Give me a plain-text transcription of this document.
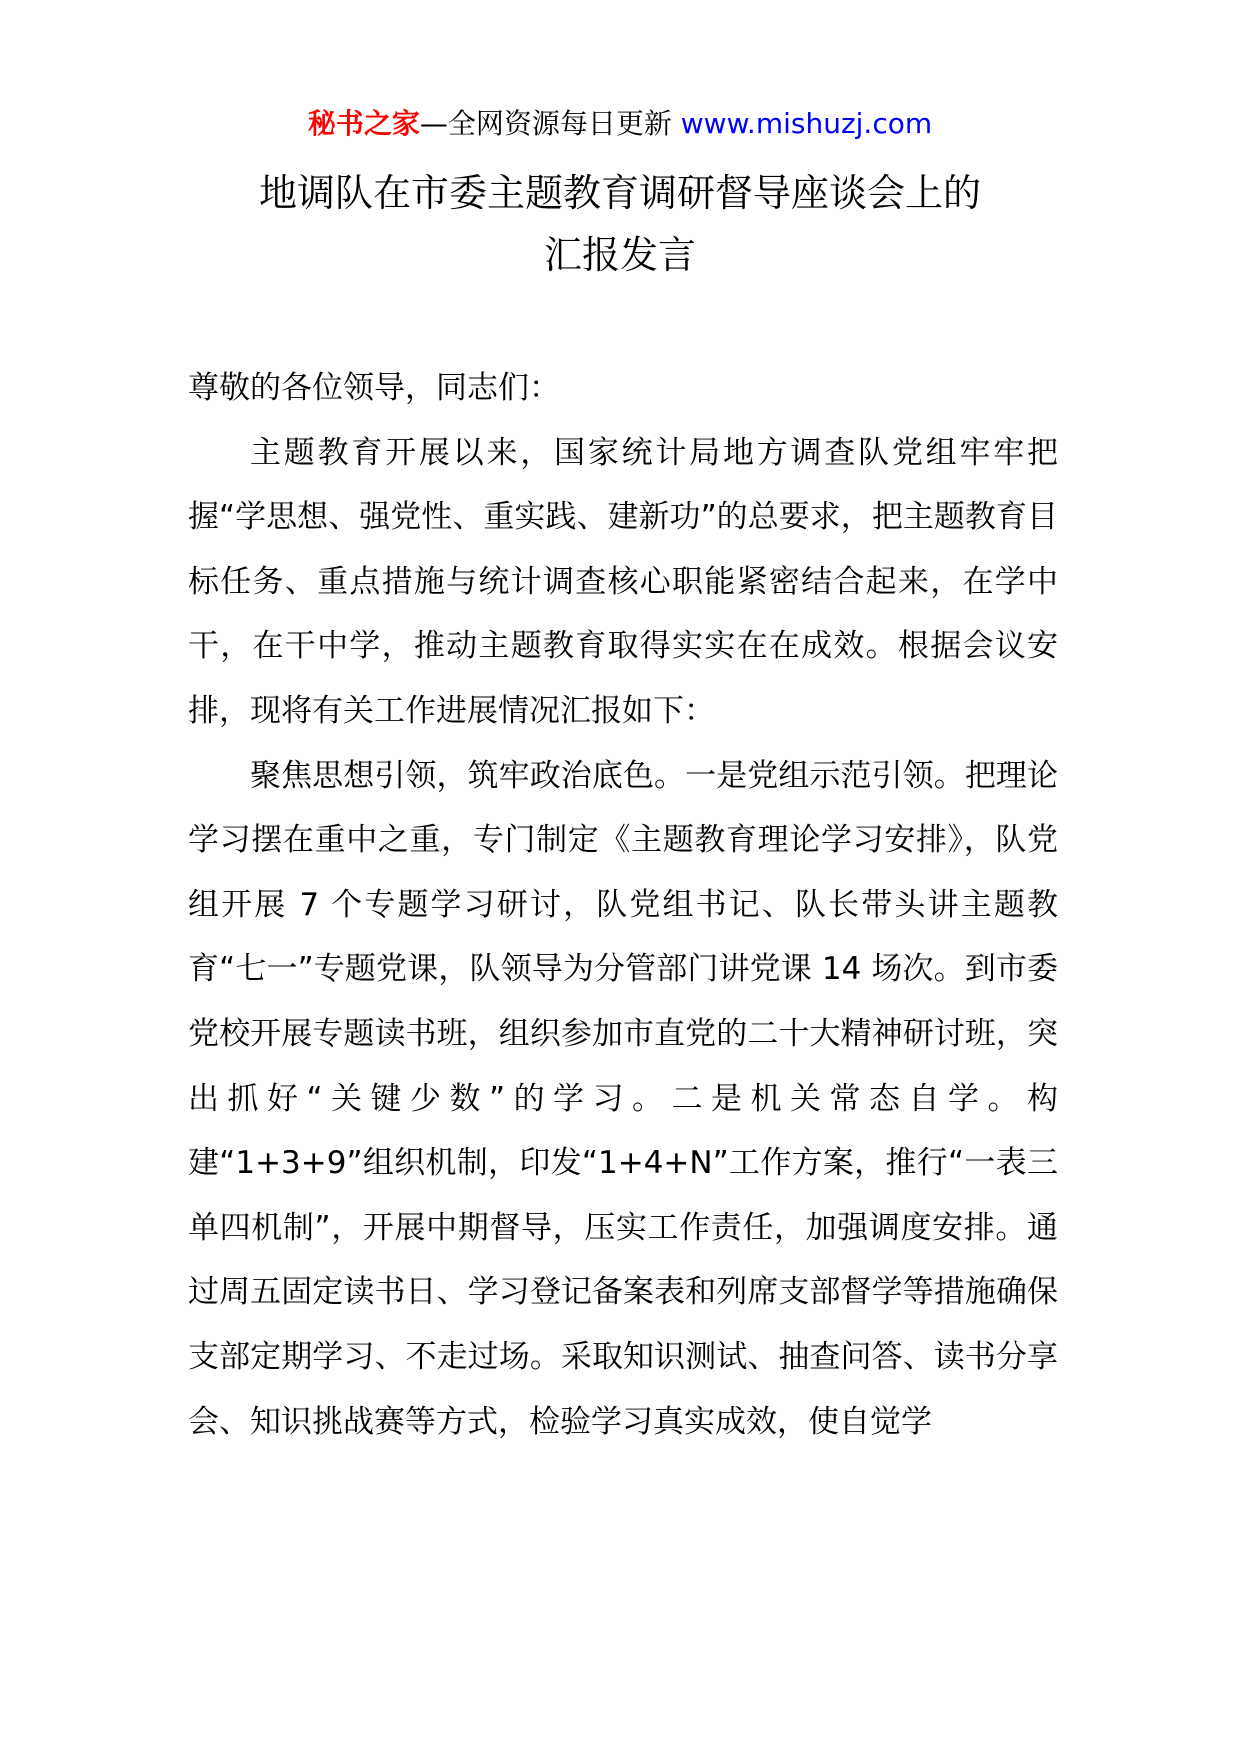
秘书之家—全网资源每日更新 www.mishuzj.com
地调队在市委主题教育调研督导座谈会上的
汇报发言

尊敬的各位领导，同志们：

主题教育开展以来，国家统计局地方调查队党组牢牢把握“学思想、强党性、重实践、建新功”的总要求，把主题教育目标任务、重点措施与统计调查核心职能紧密结合起来，在学中干，在干中学，推动主题教育取得实实在在成效。根据会议安排，现将有关工作进展情况汇报如下：

聚焦思想引领，筑牢政治底色。一是党组示范引领。把理论学习摆在重中之重，专门制定《主题教育理论学习安排》，队党组开展 7 个专题学习研讨，队党组书记、队长带头讲主题教育“七一”专题党课，队领导为分管部门讲党课 14 场次。到市委党校开展专题读书班，组织参加市直党的二十大精神研讨班，突出抓好“关键少数”的学习。二是机关常态自学。构建“1+3+9”组织机制，印发“1+4+N”工作方案，推行“一表三单四机制”，开展中期督导，压实工作责任，加强调度安排。通过周五固定读书日、学习登记备案表和列席支部督学等措施确保支部定期学习、不走过场。采取知识测试、抽查问答、读书分享会、知识挑战赛等方式，检验学习真实成效，使自觉学
